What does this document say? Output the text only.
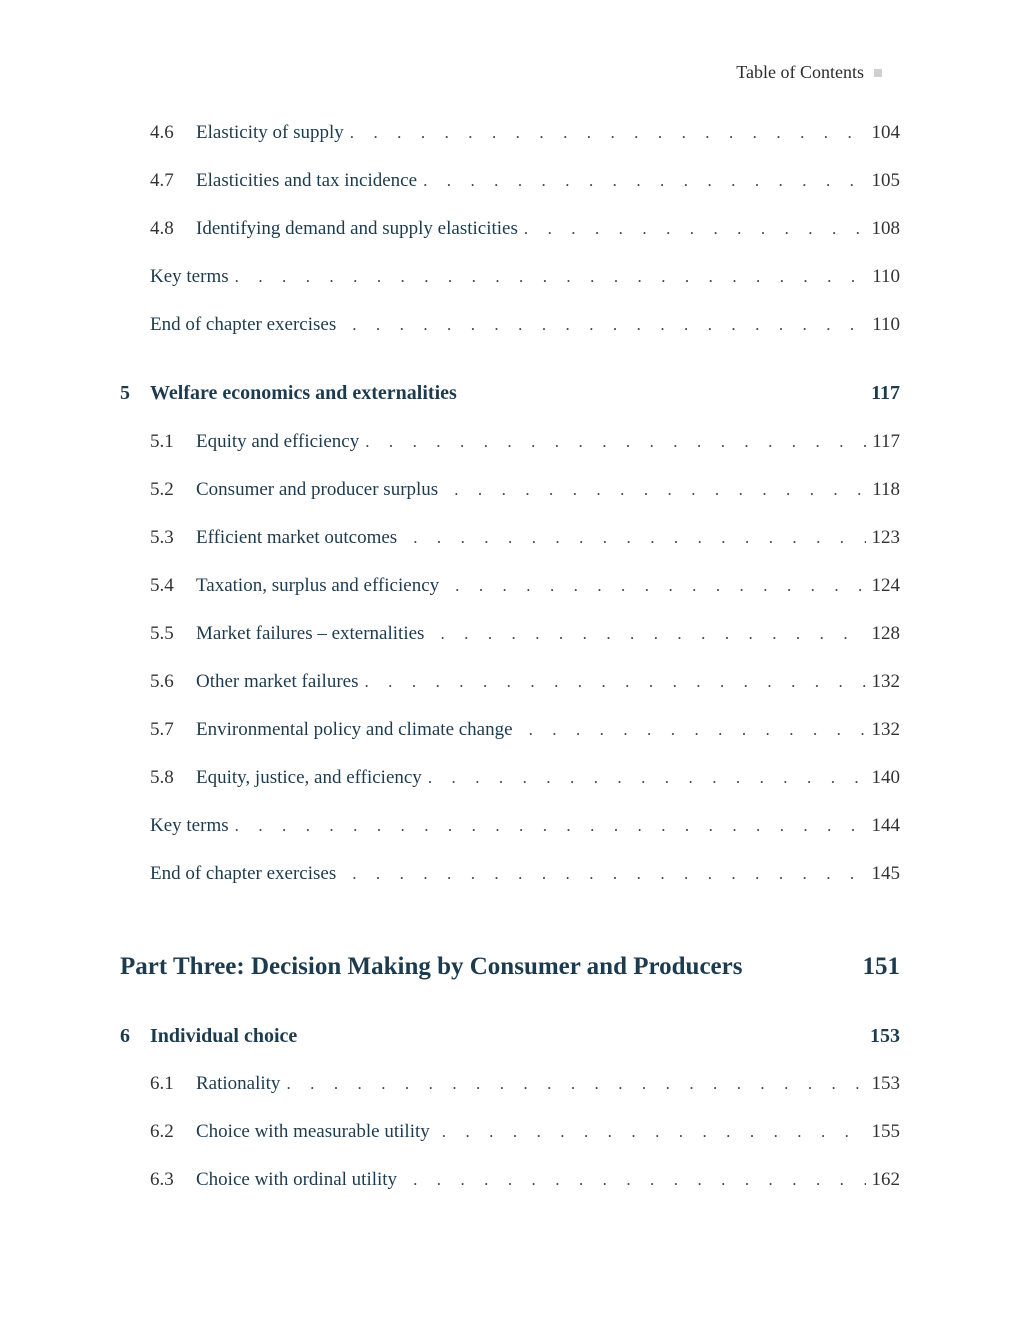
Table of Contents
4.6	Elasticity of supply . . .	104
4.7	Elasticities and tax incidence . . .	105
4.8	Identifying demand and supply elasticities . . .	108
Key terms . . .	110
End of chapter exercises . . .	110
5	Welfare economics and externalities	117
5.1	Equity and efficiency . . .	117
5.2	Consumer and producer surplus . . .	118
5.3	Efficient market outcomes . . .	123
5.4	Taxation, surplus and efficiency . . .	124
5.5	Market failures – externalities . . .	128
5.6	Other market failures . . .	132
5.7	Environmental policy and climate change . . .	132
5.8	Equity, justice, and efficiency . . .	140
Key terms . . .	144
End of chapter exercises . . .	145
Part Three: Decision Making by Consumer and Producers	151
6	Individual choice	153
6.1	Rationality . . .	153
6.2	Choice with measurable utility . . .	155
6.3	Choice with ordinal utility . . .	162
